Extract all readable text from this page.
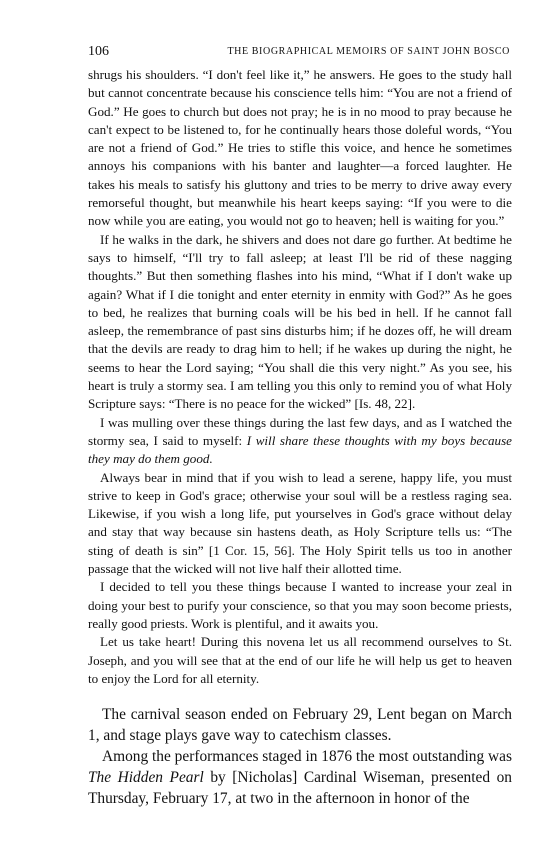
106	THE BIOGRAPHICAL MEMOIRS OF SAINT JOHN BOSCO

shrugs his shoulders. “I don't feel like it,” he answers. He goes to the study hall but cannot concentrate because his conscience tells him: “You are not a friend of God.” He goes to church but does not pray; he is in no mood to pray because he can't expect to be listened to, for he continually hears those doleful words, “You are not a friend of God.” He tries to stifle this voice, and hence he sometimes annoys his companions with his banter and laughter—a forced laughter. He takes his meals to satisfy his gluttony and tries to be merry to drive away every remorseful thought, but meanwhile his heart keeps saying: “If you were to die now while you are eating, you would not go to heaven; hell is waiting for you.”

If he walks in the dark, he shivers and does not dare go further. At bedtime he says to himself, “I'll try to fall asleep; at least I'll be rid of these nagging thoughts.” But then something flashes into his mind, “What if I don't wake up again? What if I die tonight and enter eternity in enmity with God?” As he goes to bed, he realizes that burning coals will be his bed in hell. If he cannot fall asleep, the remembrance of past sins disturbs him; if he dozes off, he will dream that the devils are ready to drag him to hell; if he wakes up during the night, he seems to hear the Lord saying; “You shall die this very night.” As you see, his heart is truly a stormy sea. I am telling you this only to remind you of what Holy Scripture says: “There is no peace for the wicked” [Is. 48, 22].

I was mulling over these things during the last few days, and as I watched the stormy sea, I said to myself: I will share these thoughts with my boys because they may do them good.

Always bear in mind that if you wish to lead a serene, happy life, you must strive to keep in God's grace; otherwise your soul will be a restless raging sea. Likewise, if you wish a long life, put yourselves in God's grace without delay and stay that way because sin hastens death, as Holy Scripture tells us: “The sting of death is sin” [1 Cor. 15, 56]. The Holy Spirit tells us too in another passage that the wicked will not live half their allotted time.

I decided to tell you these things because I wanted to increase your zeal in doing your best to purify your conscience, so that you may soon become priests, really good priests. Work is plentiful, and it awaits you.

Let us take heart! During this novena let us all recommend ourselves to St. Joseph, and you will see that at the end of our life he will help us get to heaven to enjoy the Lord for all eternity.

The carnival season ended on February 29, Lent began on March 1, and stage plays gave way to catechism classes.

Among the performances staged in 1876 the most outstanding was The Hidden Pearl by [Nicholas] Cardinal Wiseman, presented on Thursday, February 17, at two in the afternoon in honor of the
